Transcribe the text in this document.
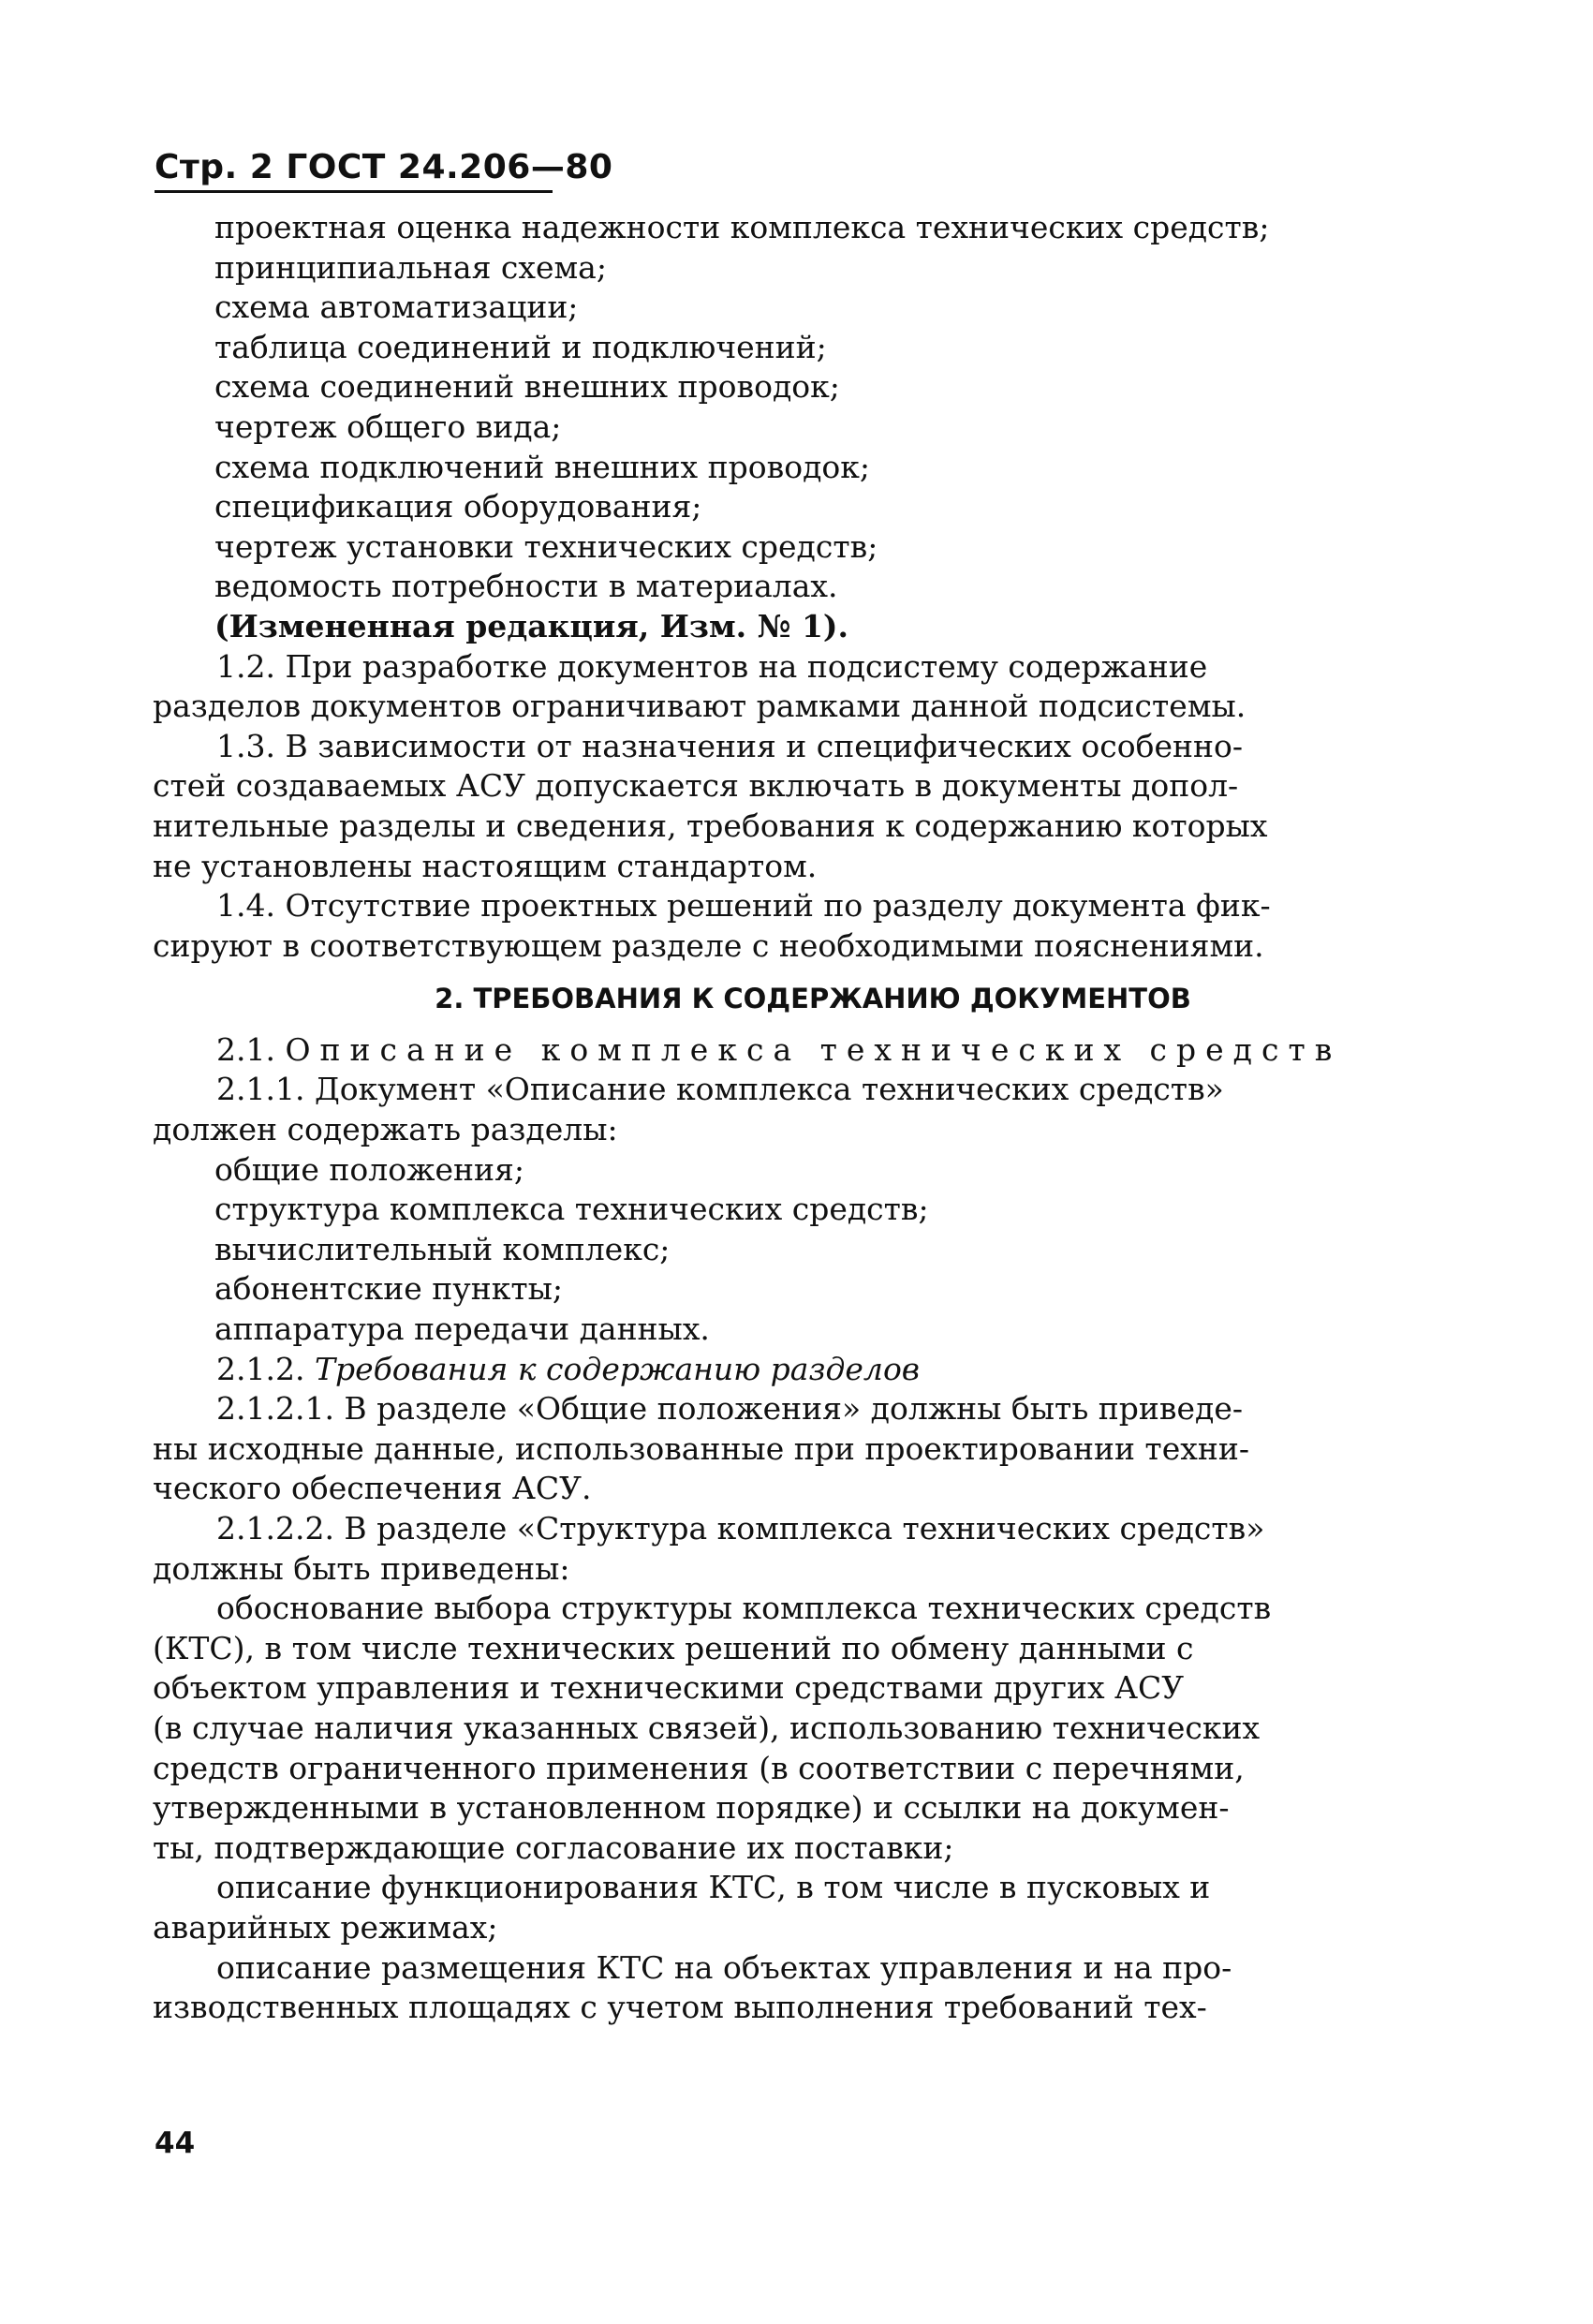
Стр. 2 ГОСТ 24.206—80
проектная оценка надежности комплекса технических средств;
принципиальная схема;
схема автоматизации;
таблица соединений и подключений;
схема соединений внешних проводок;
чертеж общего вида;
схема подключений внешних проводок;
спецификация оборудования;
чертеж установки технических средств;
ведомость потребности в материалах.
(Измененная редакция, Изм. № 1).
1.2. При разработке документов на подсистему содержание
разделов документов ограничивают рамками данной подсистемы.
1.3. В зависимости от назначения и специфических особенно-
стей создаваемых АСУ допускается включать в документы допол-
нительные разделы и сведения, требования к содержанию которых
не установлены настоящим стандартом.
1.4. Отсутствие проектных решений по разделу документа фик-
сируют в соответствующем разделе с необходимыми пояснениями.
2. ТРЕБОВАНИЯ К СОДЕРЖАНИЮ ДОКУМЕНТОВ
2.1. Описание комплекса технических средств
2.1.1. Документ «Описание комплекса технических средств»
должен содержать разделы:
общие положения;
структура комплекса технических средств;
вычислительный комплекс;
абонентские пункты;
аппаратура передачи данных.
2.1.2. Требования к содержанию разделов
2.1.2.1. В разделе «Общие положения» должны быть приведе-
ны исходные данные, использованные при проектировании техни-
ческого обеспечения АСУ.
2.1.2.2. В разделе «Структура комплекса технических средств»
должны быть приведены:
обоснование выбора структуры комплекса технических средств
(КТС), в том числе технических решений по обмену данными с
объектом управления и техническими средствами других АСУ
(в случае наличия указанных связей), использованию технических
средств ограниченного применения (в соответствии с перечнями,
утвержденными в установленном порядке) и ссылки на докумен-
ты, подтверждающие согласование их поставки;
описание функционирования КТС, в том числе в пусковых и
аварийных режимах;
описание размещения КТС на объектах управления и на про-
изводственных площадях с учетом выполнения требований тех-
44
